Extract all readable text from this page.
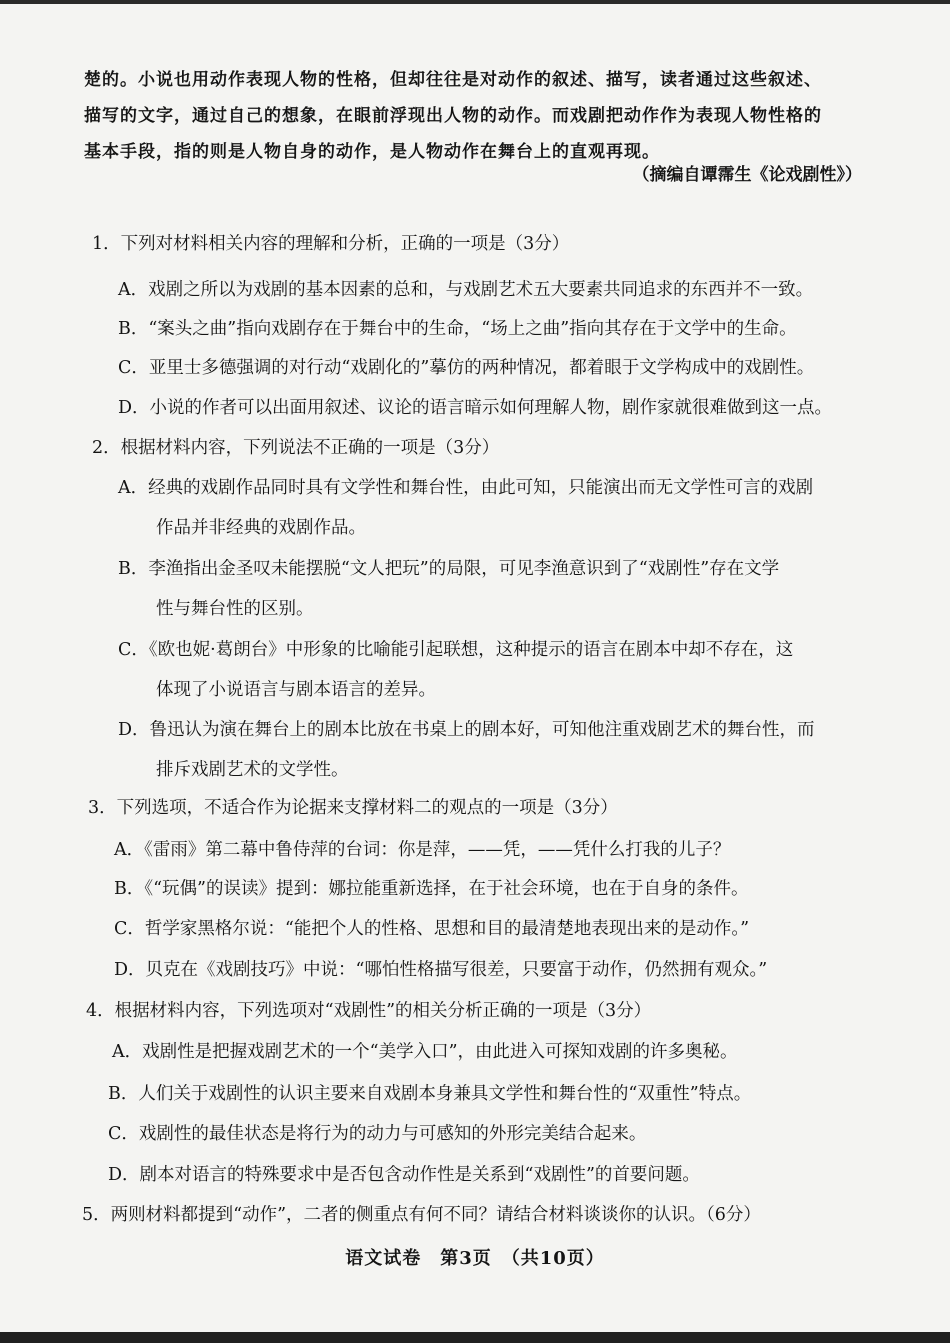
楚的。小说也用动作表现人物的性格，但却往往是对动作的叙述、描写，读者通过这些叙述、
描写的文字，通过自己的想象，在眼前浮现出人物的动作。而戏剧把动作作为表现人物性格的
基本手段，指的则是人物自身的动作，是人物动作在舞台上的直观再现。
（摘编自谭霈生《论戏剧性》）
1．下列对材料相关内容的理解和分析，正确的一项是（3分）
A．戏剧之所以为戏剧的基本因素的总和，与戏剧艺术五大要素共同追求的东西并不一致。
B．“案头之曲”指向戏剧存在于舞台中的生命，“场上之曲”指向其存在于文学中的生命。
C．亚里士多德强调的对行动“戏剧化的”摹仿的两种情况，都着眼于文学构成中的戏剧性。
D．小说的作者可以出面用叙述、议论的语言暗示如何理解人物，剧作家就很难做到这一点。
2．根据材料内容，下列说法不正确的一项是（3分）
A．经典的戏剧作品同时具有文学性和舞台性，由此可知，只能演出而无文学性可言的戏剧
作品并非经典的戏剧作品。
B．李渔指出金圣叹未能摆脱“文人把玩”的局限，可见李渔意识到了“戏剧性”存在文学
性与舞台性的区别。
C．《欧也妮·葛朗台》中形象的比喻能引起联想，这种提示的语言在剧本中却不存在，这
体现了小说语言与剧本语言的差异。
D．鲁迅认为演在舞台上的剧本比放在书桌上的剧本好，可知他注重戏剧艺术的舞台性，而
排斥戏剧艺术的文学性。
3．下列选项，不适合作为论据来支撑材料二的观点的一项是（3分）
A．《雷雨》第二幕中鲁侍萍的台词：你是萍，——凭，——凭什么打我的儿子？
B．《“玩偶”的误读》提到：娜拉能重新选择，在于社会环境，也在于自身的条件。
C．哲学家黑格尔说：“能把个人的性格、思想和目的最清楚地表现出来的是动作。”
D．贝克在《戏剧技巧》中说：“哪怕性格描写很差，只要富于动作，仍然拥有观众。”
4．根据材料内容，下列选项对“戏剧性”的相关分析正确的一项是（3分）
A．戏剧性是把握戏剧艺术的一个“美学入口”，由此进入可探知戏剧的许多奥秘。
B．人们关于戏剧性的认识主要来自戏剧本身兼具文学性和舞台性的“双重性”特点。
C．戏剧性的最佳状态是将行为的动力与可感知的外形完美结合起来。
D．剧本对语言的特殊要求中是否包含动作性是关系到“戏剧性”的首要问题。
5．两则材料都提到“动作”，二者的侧重点有何不同？请结合材料谈谈你的认识。（6分）
语文试卷　第3页　（共10页）
